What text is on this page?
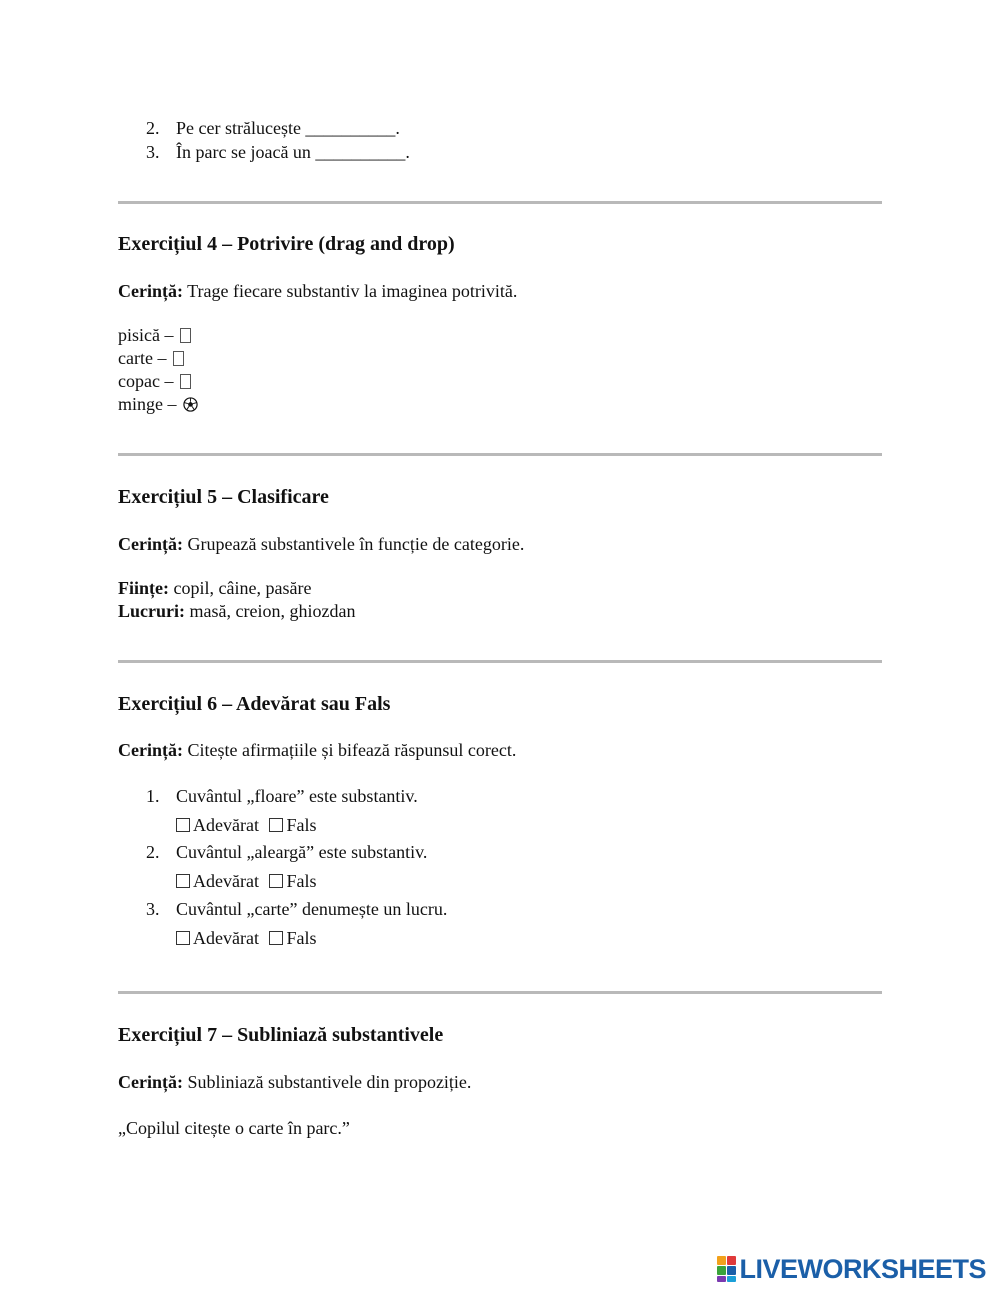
2. Pe cer strălucește __________.
3. În parc se joacă un __________.
Exercițiul 4 – Potrivire (drag and drop)
Cerință: Trage fiecare substantiv la imaginea potrivită.
pisică –
carte –
copac –
minge –
Exercițiul 5 – Clasificare
Cerință: Grupează substantivele în funcție de categorie.
Ființe: copil, câine, pasăre
Lucruri: masă, creion, ghiozdan
Exercițiul 6 – Adevărat sau Fals
Cerință: Citește afirmațiile și bifează răspunsul corect.
1. Cuvântul „floare” este substantiv.
Adevărat Fals
2. Cuvântul „aleargă” este substantiv.
Adevărat Fals
3. Cuvântul „carte” denumește un lucru.
Adevărat Fals
Exercițiul 7 – Subliniază substantivele
Cerință: Subliniază substantivele din propoziție.
„Copilul citește o carte în parc.”
LIVEWORKSHEETS
